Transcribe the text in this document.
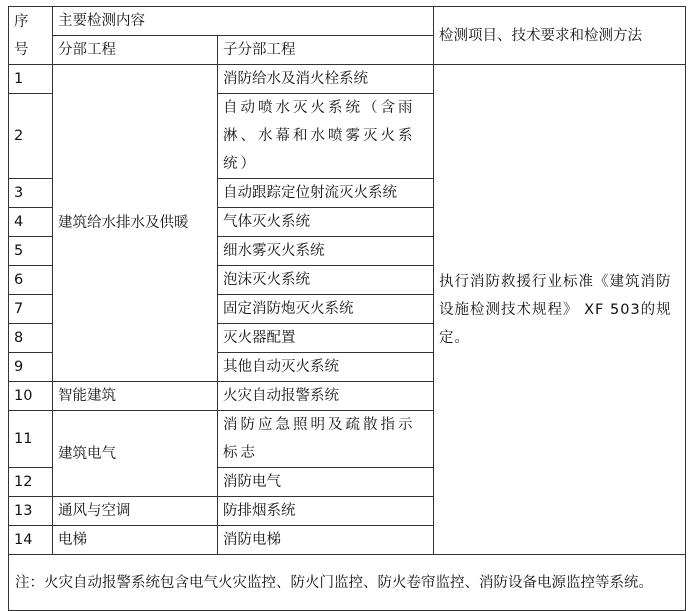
序
号	主要检测内容		检测项目、技术要求和检测方法
	分部工程	子分部工程	
1	建筑给水排水及供暖	消防给水及消火栓系统	执行消防救援行业标准《建筑消防设施检测技术规程》 XF 503的规定。
2		自动喷水灭火系统（含雨淋、水幕和水喷雾灭火系统）	
3		自动跟踪定位射流灭火系统	
4		气体灭火系统	
5		细水雾灭火系统	
6		泡沫灭火系统	
7		固定消防炮灭火系统	
8		灭火器配置	
9		其他自动灭火系统	
10	智能建筑	火灾自动报警系统	
11	建筑电气	消防应急照明及疏散指示标志	
12		消防电气	
13	通风与空调	防排烟系统	
14	电梯	消防电梯	
注：火灾自动报警系统包含电气火灾监控、防火门监控、防火卷帘监控、消防设备电源监控等系统。			
